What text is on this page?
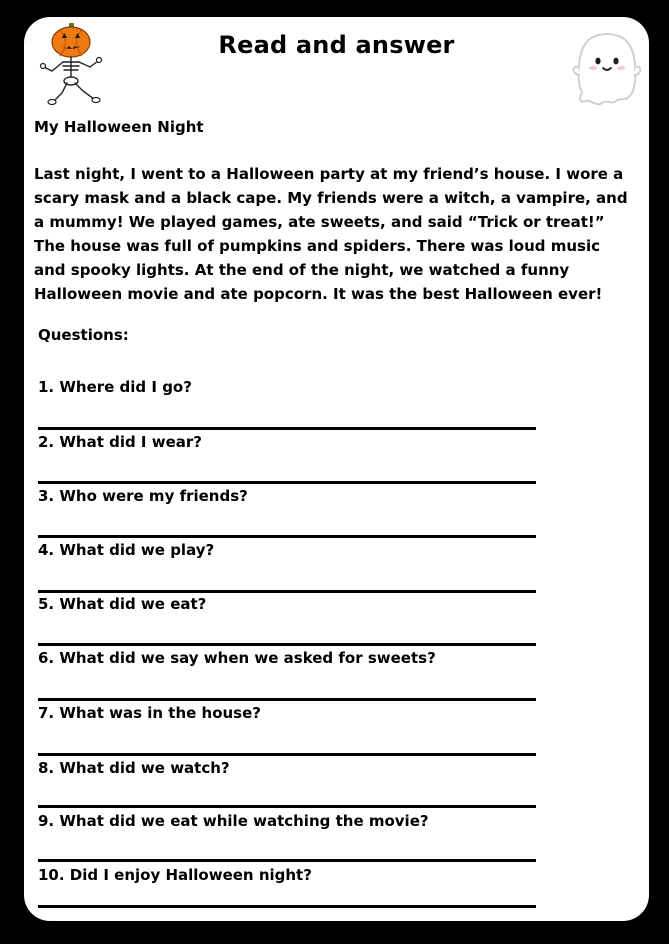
Read and answer
My Halloween Night

Last night, I went to a Halloween party at my friend’s house. I wore a scary mask and a black cape. My friends were a witch, a vampire, and a mummy! We played games, ate sweets, and said “Trick or treat!” The house was full of pumpkins and spiders. There was loud music and spooky lights. At the end of the night, we watched a funny Halloween movie and ate popcorn. It was the best Halloween ever!

Questions:

1. Where did I go?

2. What did I wear?

3. Who were my friends?

4. What did we play?

5. What did we eat?

6. What did we say when we asked for sweets?

7. What was in the house?

8. What did we watch?

9. What did we eat while watching the movie?

10. Did I enjoy Halloween night?
